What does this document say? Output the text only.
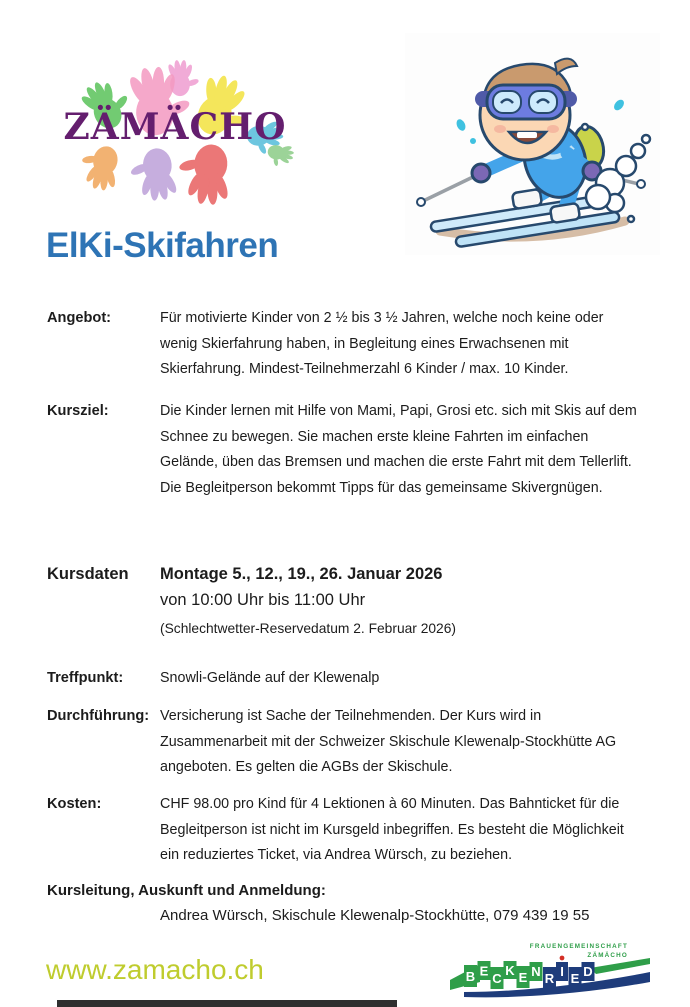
ZÄMÄCHO
ElKi-Skifahren
Angebot:	Für motivierte Kinder von 2 ½ bis 3 ½ Jahren, welche noch keine oder wenig Skierfahrung haben, in Begleitung eines Erwachsenen mit Skierfahrung. Mindest-Teilnehmerzahl 6 Kinder / max. 10 Kinder.
Kursziel:	Die Kinder lernen mit Hilfe von Mami, Papi, Grosi etc. sich mit Skis auf dem Schnee zu bewegen. Sie machen erste kleine Fahrten im einfachen Gelände, üben das Bremsen und machen die erste Fahrt mit dem Tellerlift. Die Begleitperson bekommt Tipps für das gemeinsame Skivergnügen.
Kursdaten	Montage 5., 12., 19., 26. Januar 2026
von 10:00 Uhr bis 11:00 Uhr
(Schlechtwetter-Reservedatum 2. Februar 2026)
Treffpunkt:	Snowli-Gelände auf der Klewenalp
Durchführung: Versicherung ist Sache der Teilnehmenden. Der Kurs wird in Zusammenarbeit mit der Schweizer Skischule Klewenalp-Stockhütte AG angeboten. Es gelten die AGBs der Skischule.
Kosten:	CHF 98.00 pro Kind für 4 Lektionen à 60 Minuten. Das Bahnticket für die Begleitperson ist nicht im Kursgeld inbegriffen. Es besteht die Möglichkeit ein reduziertes Ticket, via Andrea Würsch, zu beziehen.
Kursleitung, Auskunft und Anmeldung:
Andrea Würsch, Skischule Klewenalp-Stockhütte, 079 439 19 55
www.zamacho.ch
FRAUENGEMEINSCHAFT
ZÄMÄCHO
B E C
K E N R I E D
